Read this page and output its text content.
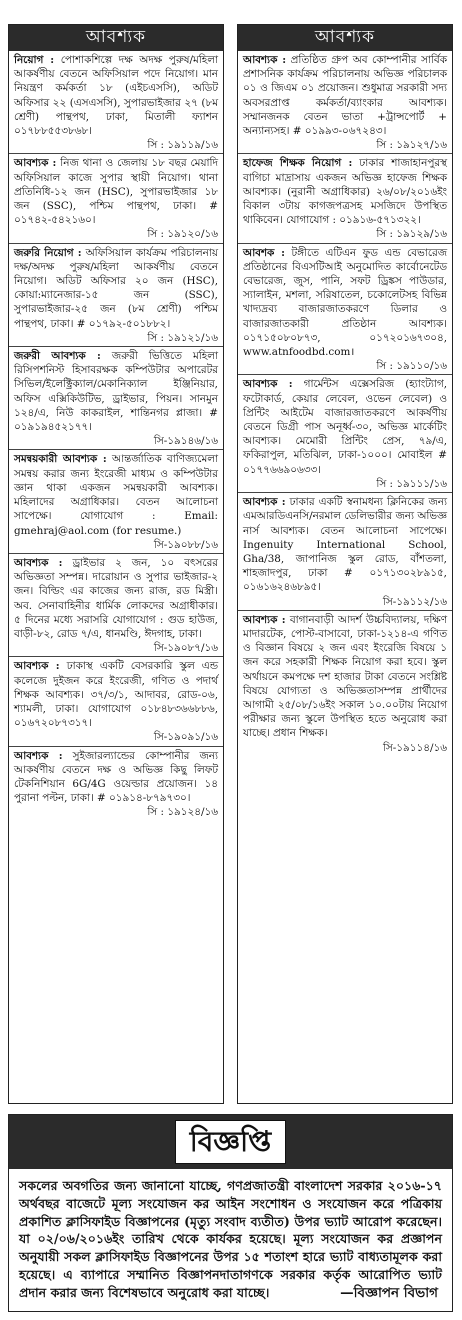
আবশ্যক
নিয়োগ : পোশাকশিল্পে দক্ষ অদক্ষ পুরুষ/মহিলা আকর্ষণীয় বেতনে অফিসিয়াল পদে নিয়োগ। মান নিয়ন্ত্রণ কর্মকর্তা ১৮ (এইচএসসি), অডিট অফিসার ২২ (এসএসসি), সুপারভাইজার ২৭ (৮ম শ্রেণী) পান্থপথ, ঢাকা, মিতালী ফ্যাশন ০১৭৮৮৫৫৩৮৬৮।
সি : ১৯১১৯/১৬
আবশ্যক : নিজ থানা ও জেলায় ১৮ বছর মেয়াদি অফিসিয়াল কাজে সুপার স্থায়ী নিয়োগ। থানা প্রতিনিধি-১২ জন (HSC), সুপারভাইজার ১৮ জন (SSC), পশ্চিম পান্থপথ, ঢাকা। # ০১৭৪২-৫৪২১৬০।
সি : ১৯১২০/১৬
জরুরি নিয়োগ : অফিসিয়াল কার্যক্রম পরিচালনায় দক্ষ/অদক্ষ পুরুষ/মহিলা আকর্ষণীয় বেতনে নিয়োগ। অডিট অফিসার ২০ জন (HSC), কোয়া:ম্যানেজার-১৫ জন (SSC), সুপারভাইজার-২৫ জন (৮ম শ্রেণী) পশ্চিম পান্থপথ, ঢাকা। # ০১৭৯২-৫০১৮৮২।
সি : ১৯১২১/১৬
জরুরী আবশ্যক : জরুরী ভিত্তিতে মহিলা রিসিপশনিস্ট হিসাবরক্ষক কম্পিউটার অপারেটর সিভিল/ইলেক্ট্রিক্যাল/মেকানিক্যাল ইঞ্জিনিয়ার, অফিস এক্সিকিউটিভ, ড্রাইভার, পিয়ন। সানমুন ১২৪/এ, নিউ কাকরাইল, শান্তিনগর প্লাজা। # ০১৯১৯৪৫২১৭৭।
সি-১৯১৪৬/১৬
সমন্বয়কারী আবশ্যক : আন্তর্জাতিক বাণিজ্যমেলা সমন্বয় করার জন্য ইংরেজী মাধ্যম ও কম্পিউটার জ্ঞান থাকা একজন সমন্বয়কারী আবশ্যক। মহিলাদের অগ্রাধিকার। বেতন আলোচনা সাপেক্ষে। যোগাযোগ : Email: gmehraj@aol.com (for resume.)
সি-১৯০৮৮/১৬
আবশ্যক : ড্রাইভার ২ জন, ১০ বৎসরের অভিজ্ঞতা সম্পন্ন। দারোয়ান ও সুপার ভাইজার-২ জন। বিল্ডিং এর কাজের জন্য রাজ, রড মিস্ত্রী। অব. সেনাবাহিনীর ধার্মিক লোকদের অগ্রাধীকার। ৫ দিনের মধ্যে সরাসরি যোগাযোগ : গুড হাউজ, বাড়ী-৮২, রোড ৭/এ, ধানমণ্ডি, ঈদগাহ, ঢাকা।
সি-১৯০৮৭/১৬
আবশ্যক : ঢাকাস্থ একটি বেসরকারি স্কুল এন্ড কলেজে দুইজন করে ইংরেজী, গণিত ও পদার্থ শিক্ষক আবশ্যক। ৩৭/৩/১, আদাবর, রোড-০৬, শ্যামলী, ঢাকা। যোগাযোগ ০১৮৪৮৩৬৬৮৮৬, ০১৬৭২০৮৭৩১৭।
সি-১৯০৯১/১৬
আবশ্যক : সুইজারল্যান্ডের কোম্পানীর জন্য আকর্ষণীয় বেতনে দক্ষ ও অভিজ্ঞ কিছু লিফট টেকনিশিয়ান 6G/4G ওয়েল্ডার প্রয়োজন। ১৪ পুরানা পল্টন, ঢাকা। # ০১৯১৪-৮৭৯৭৩০।
সি : ১৯১২৪/১৬
আবশ্যক
আবশ্যক : প্রতিষ্ঠিত গ্রুপ অব কোম্পানীর সার্বিক প্রশাসনিক কার্যক্রম পরিচালনায় অভিজ্ঞ পরিচালক ০১ ও জিএম ০১ প্রয়োজন। শুধুমাত্র সরকারী সদ্য অবসরপ্রাপ্ত কর্মকর্তা/ব্যাংকার আবশ্যক। সম্মানজনক বেতন ভাতা +ট্রান্সপোর্ট + অন্যান্যসহ। # ০১৯৯৩-০৬৭২৪৩।
সি : ১৯১২৭/১৬
হাফেজ শিক্ষক নিয়োগ : ঢাকার শাজাহানপুরস্থ বাগিচা মাদ্রাসায় একজন অভিজ্ঞ হাফেজ শিক্ষক আবশ্যক। (নুরানী অগ্রাধিকার) ২৬/০৮/২০১৬ইং বিকাল ৩টায় কাগজপত্রসহ মসজিদে উপস্থিত থাকিবেন। যোগাযোগ : ০১৯১৬-৫৭১৩২২।
সি : ১৯১২৯/১৬
আবশক : টঙ্গীতে এটিএন ফুড এন্ড বেভারেজ প্রতিষ্ঠানের বিএসটিআই অনুমোদিত কার্বোনেটেড বেভারেজ, জুস, পানি, সফট ড্রিঙ্কস পাউডার, স্যালাইন, মশলা, সরিষাতেল, চকোলেটসহ বিভিন্ন খাদ্যদ্রব্য বাজারজাতকরণে ডিলার ও বাজারজাতকারী প্রতিষ্ঠান আবশ্যক। ০১৭১৫০৮০৮৭৩, ০১৭২০১৬৭৩০৪, www.atnfoodbd.com।
সি : ১৯১১০/১৬
আবশ্যক : গার্মেন্টস এক্সেসরিজ (হ্যাংট্যাগ, ফটোকার্ড, কেয়ার লেবেল, ওভেন লেবেল) ও প্রিন্টিং আইটেম বাজারজাতকরণে আকর্ষণীয় বেতনে ডিগ্রী পাস অনূর্ধ্ব-৩০, অভিজ্ঞ মার্কেটিং আবশ্যক। মেমোরী প্রিন্টিং প্রেস, ৭৯/এ, ফকিরাপুল, মতিঝিল, ঢাকা-১০০০। মোবাইল # ০১৭৭৬৬৯০৬৩৩।
সি : ১৯১১১/১৬
আবশ্যক : ঢাকার একটি স্বনামধন্য ক্লিনিকের জন্য এমআরডিএনসি/নরমাল ডেলিভারীর জন্য অভিজ্ঞ নার্স আবশ্যক। বেতন আলোচনা সাপেক্ষে। Ingenuity International School, Gha/38, জাপানিজ স্কুল রোড, বাঁশতলা, শাহজাদপুর, ঢাকা # ০১৭১৩০২৮৯১৫, ০১৬১৬২৪৬৮৯৫।
সি-১৯১১২/১৬
আবশ্যক : বাগানবাড়ী আদর্শ উচ্চবিদ্যালয়, দক্ষিণ মাদারটেক, পোস্ট-বাসাবো, ঢাকা-১২১৪-এ গণিত ও বিজ্ঞান বিষয়ে ২ জন এবং ইংরেজি বিষয়ে ১ জন করে সহকারী শিক্ষক নিয়োগ করা হবে। স্কুল অর্থায়নে কমপক্ষে দশ হাজার টাকা বেতনে সংশ্লিষ্ট বিষয়ে যোগ্যতা ও অভিজ্ঞতাসম্পন্ন প্রার্থীদের আগামী ২৫/০৮/১৬ইং সকাল ১০.০০টায় নিয়োগ পরীক্ষার জন্য স্কুলে উপস্থিত হতে অনুরোধ করা যাচ্ছে। প্রধান শিক্ষক।
সি-১৯১১৪/১৬
বিজ্ঞপ্তি
সকলের অবগতির জন্য জানানো যাচ্ছে, গণপ্রজাতন্ত্রী বাংলাদেশ সরকার ২০১৬-১৭ অর্থবছর বাজেটে মূল্য সংযোজন কর আইন সংশোধন ও সংযোজন করে পত্রিকায় প্রকাশিত ক্লাসিফাইড বিজ্ঞাপনের (মৃত্যু সংবাদ ব্যতীত) উপর ভ্যাট আরোপ করেছেন। যা ০২/০৬/২০১৬ইং তারিখ থেকে কার্যকর হয়েছে। মূল্য সংযোজন কর প্রজ্ঞাপন অনুযায়ী সকল ক্লাসিফাইড বিজ্ঞাপনের উপর ১৫ শতাংশ হারে ভ্যাট বাধ্যতামূলক করা হয়েছে। এ ব্যাপারে সম্মানিত বিজ্ঞাপনদাতাগণকে সরকার কর্তৃক আরোপিত ভ্যাট প্রদান করার জন্য বিশেষভাবে অনুরোধ করা যাচ্ছে।	—বিজ্ঞাপন বিভাগ
